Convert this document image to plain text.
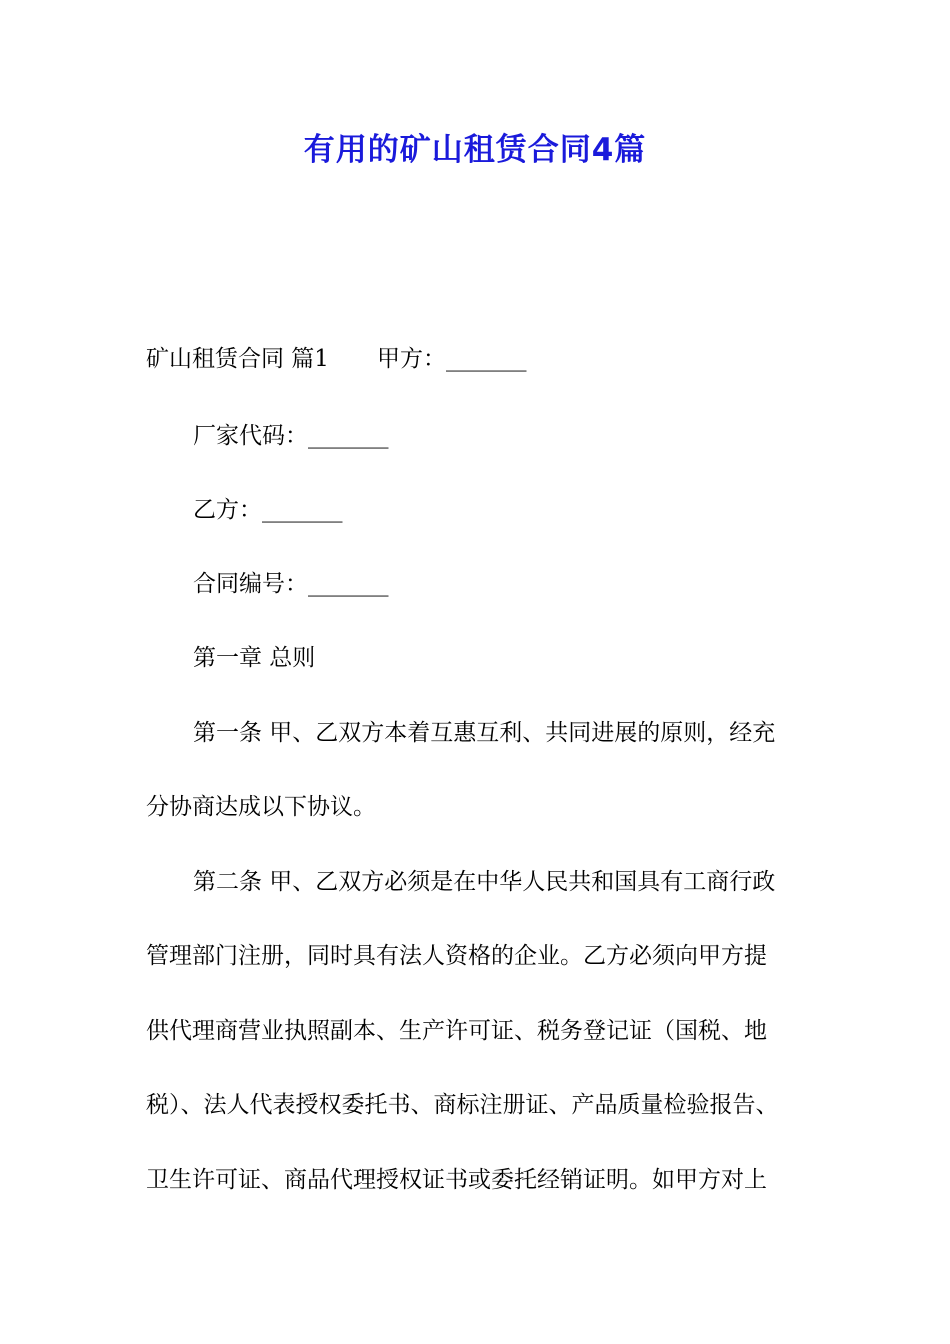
有用的矿山租赁合同4篇
矿山租赁合同 篇1 甲方：_______
厂家代码：_______
乙方：_______
合同编号：_______
第一章 总则
第一条 甲、乙双方本着互惠互利、共同进展的原则，经充
分协商达成以下协议。
第二条 甲、乙双方必须是在中华人民共和国具有工商行政
管理部门注册，同时具有法人资格的企业。乙方必须向甲方提
供代理商营业执照副本、生产许可证、税务登记证（国税、地
税）、法人代表授权委托书、商标注册证、产品质量检验报告、
卫生许可证、商品代理授权证书或委托经销证明。如甲方对上
